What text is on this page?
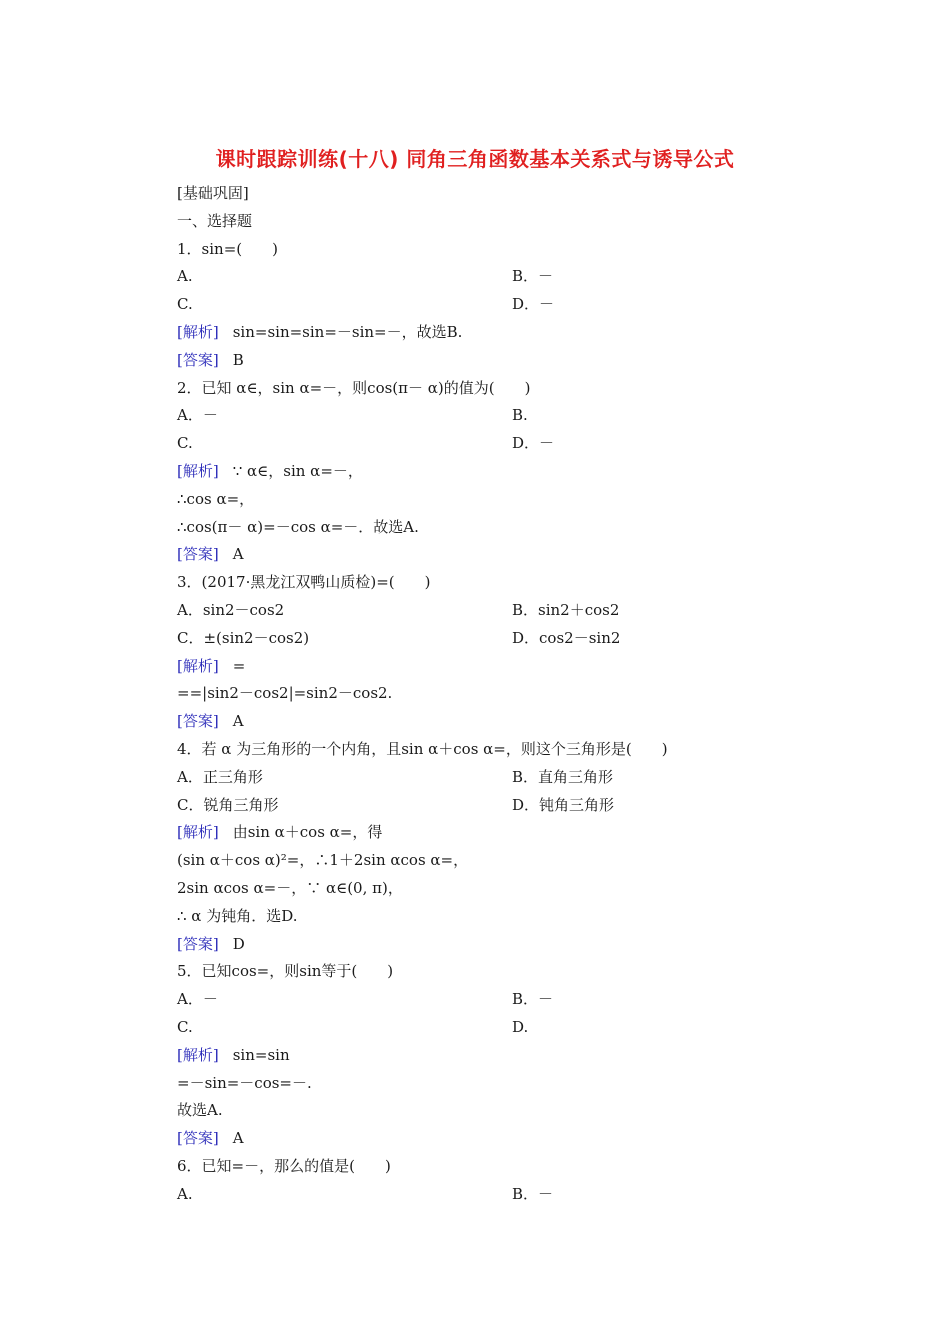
课时跟踪训练(十八) 同角三角函数基本关系式与诱导公式
[基础巩固]
一、选择题
1．sin=(　　)
A.	B．－
C.	D．－
[解析] sin=sin=sin=－sin=－，故选B.
[答案] B
2．已知 α∈，sin α=－，则cos(π－ α)的值为(　　)
A．－	B.
C.	D．－
[解析] ∵ α∈，sin α=－，
∴cos α=，
∴cos(π－ α)=－cos α=－．故选A.
[答案] A
3．(2017·黑龙江双鸭山质检)=(　　)
A．sin2－cos2	B．sin2＋cos2
C．±(sin2－cos2)	D．cos2－sin2
[解析] =
==|sin2－cos2|=sin2－cos2.
[答案] A
4．若 α 为三角形的一个内角，且sin α＋cos α=，则这个三角形是(　　)
A．正三角形	B．直角三角形
C．锐角三角形	D．钝角三角形
[解析] 由sin α＋cos α=，得
(sin α＋cos α)²=，∴1＋2sin αcos α=，
2sin αcos α=－，∵ α∈(0, π)，
∴ α 为钝角．选D.
[答案] D
5．已知cos=，则sin等于(　　)
A．－	B．－
C.	D.
[解析] sin=sin
=－sin=－cos=－.
故选A.
[答案] A
6．已知=－，那么的值是(　　)
A.	B．－
